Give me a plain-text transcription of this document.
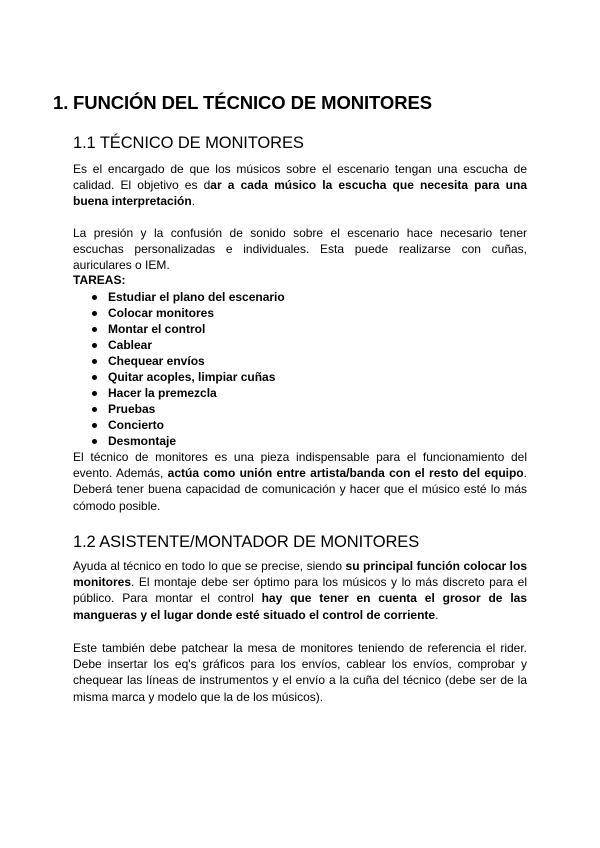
1. FUNCIÓN DEL TÉCNICO DE MONITORES
1.1 TÉCNICO DE MONITORES
Es el encargado de que los músicos sobre el escenario tengan una escucha de calidad. El objetivo es dar a cada músico la escucha que necesita para una buena interpretación.
La presión y la confusión de sonido sobre el escenario hace necesario tener escuchas personalizadas e individuales. Esta puede realizarse con cuñas, auriculares o IEM.
TAREAS:
Estudiar el plano del escenario
Colocar monitores
Montar el control
Cablear
Chequear envíos
Quitar acoples, limpiar cuñas
Hacer la premezcla
Pruebas
Concierto
Desmontaje
El técnico de monitores es una pieza indispensable para el funcionamiento del evento. Además, actúa como unión entre artista/banda con el resto del equipo. Deberá tener buena capacidad de comunicación y hacer que el músico esté lo más cómodo posible.
1.2 ASISTENTE/MONTADOR DE MONITORES
Ayuda al técnico en todo lo que se precise, siendo su principal función colocar los monitores. El montaje debe ser óptimo para los músicos y lo más discreto para el público. Para montar el control hay que tener en cuenta el grosor de las mangueras y el lugar donde esté situado el control de corriente.
Este también debe patchear la mesa de monitores teniendo de referencia el rider. Debe insertar los eq's gráficos para los envíos, cablear los envíos, comprobar y chequear las líneas de instrumentos y el envío a la cuña del técnico (debe ser de la misma marca y modelo que la de los músicos).
